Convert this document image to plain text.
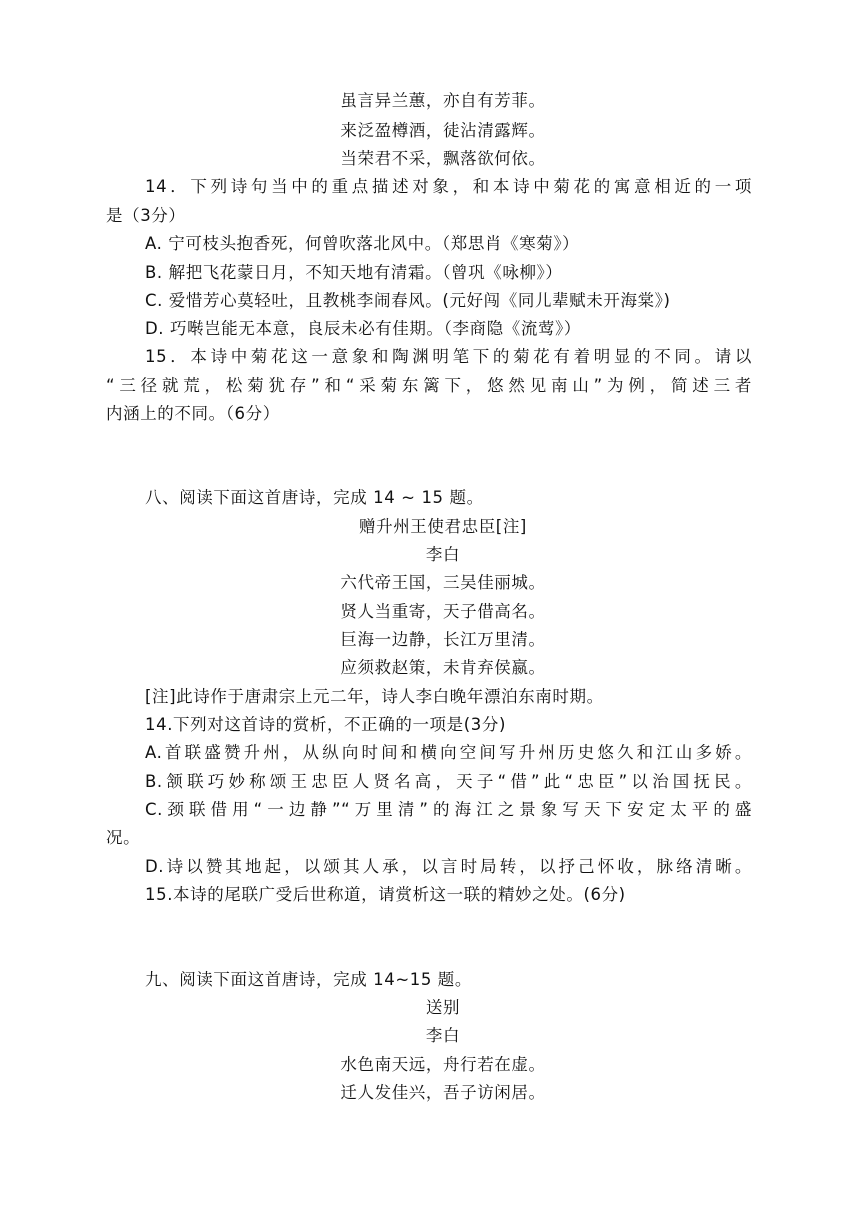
虽言异兰蕙，亦自有芳菲。
来泛盈樽酒，徒沾清露辉。
当荣君不采，飘落欲何依。
14．下列诗句当中的重点描述对象，和本诗中菊花的寓意相近的一项
是（3分）
A. 宁可枝头抱香死，何曾吹落北风中。（郑思肖《寒菊》）
B. 解把飞花蒙日月，不知天地有清霜。（曾巩《咏柳》）
C. 爱惜芳心莫轻吐，且教桃李闹春风。(元好闯《同儿辈赋未开海棠》)
D. 巧啭岂能无本意，良辰未必有佳期。（李商隐《流莺》）
15．本诗中菊花这一意象和陶渊明笔下的菊花有着明显的不同。请以
“三径就荒，松菊犹存”和“采菊东篱下，悠然见南山”为例，简述三者
内涵上的不同。（6分）
八、阅读下面这首唐诗，完成 14 ~ 15 题。
赠升州王使君忠臣[注]
李白
六代帝王国，三吴佳丽城。
贤人当重寄，天子借高名。
巨海一边静，长江万里清。
应须救赵策，未肯弃侯嬴。
[注]此诗作于唐肃宗上元二年，诗人李白晚年漂泊东南时期。
14.下列对这首诗的赏析，不正确的一项是(3分)
A.首联盛赞升州，从纵向时间和横向空间写升州历史悠久和江山多娇。
B.颔联巧妙称颂王忠臣人贤名高，天子“借”此“忠臣”以治国抚民。
C.颈联借用“一边静”“万里清”的海江之景象写天下安定太平的盛
况。
D.诗以赞其地起，以颂其人承，以言时局转，以抒己怀收，脉络清晰。
15.本诗的尾联广受后世称道，请赏析这一联的精妙之处。(6分)
九、阅读下面这首唐诗，完成 14~15 题。
送别
李白
水色南天远，舟行若在虚。
迁人发佳兴，吾子访闲居。
